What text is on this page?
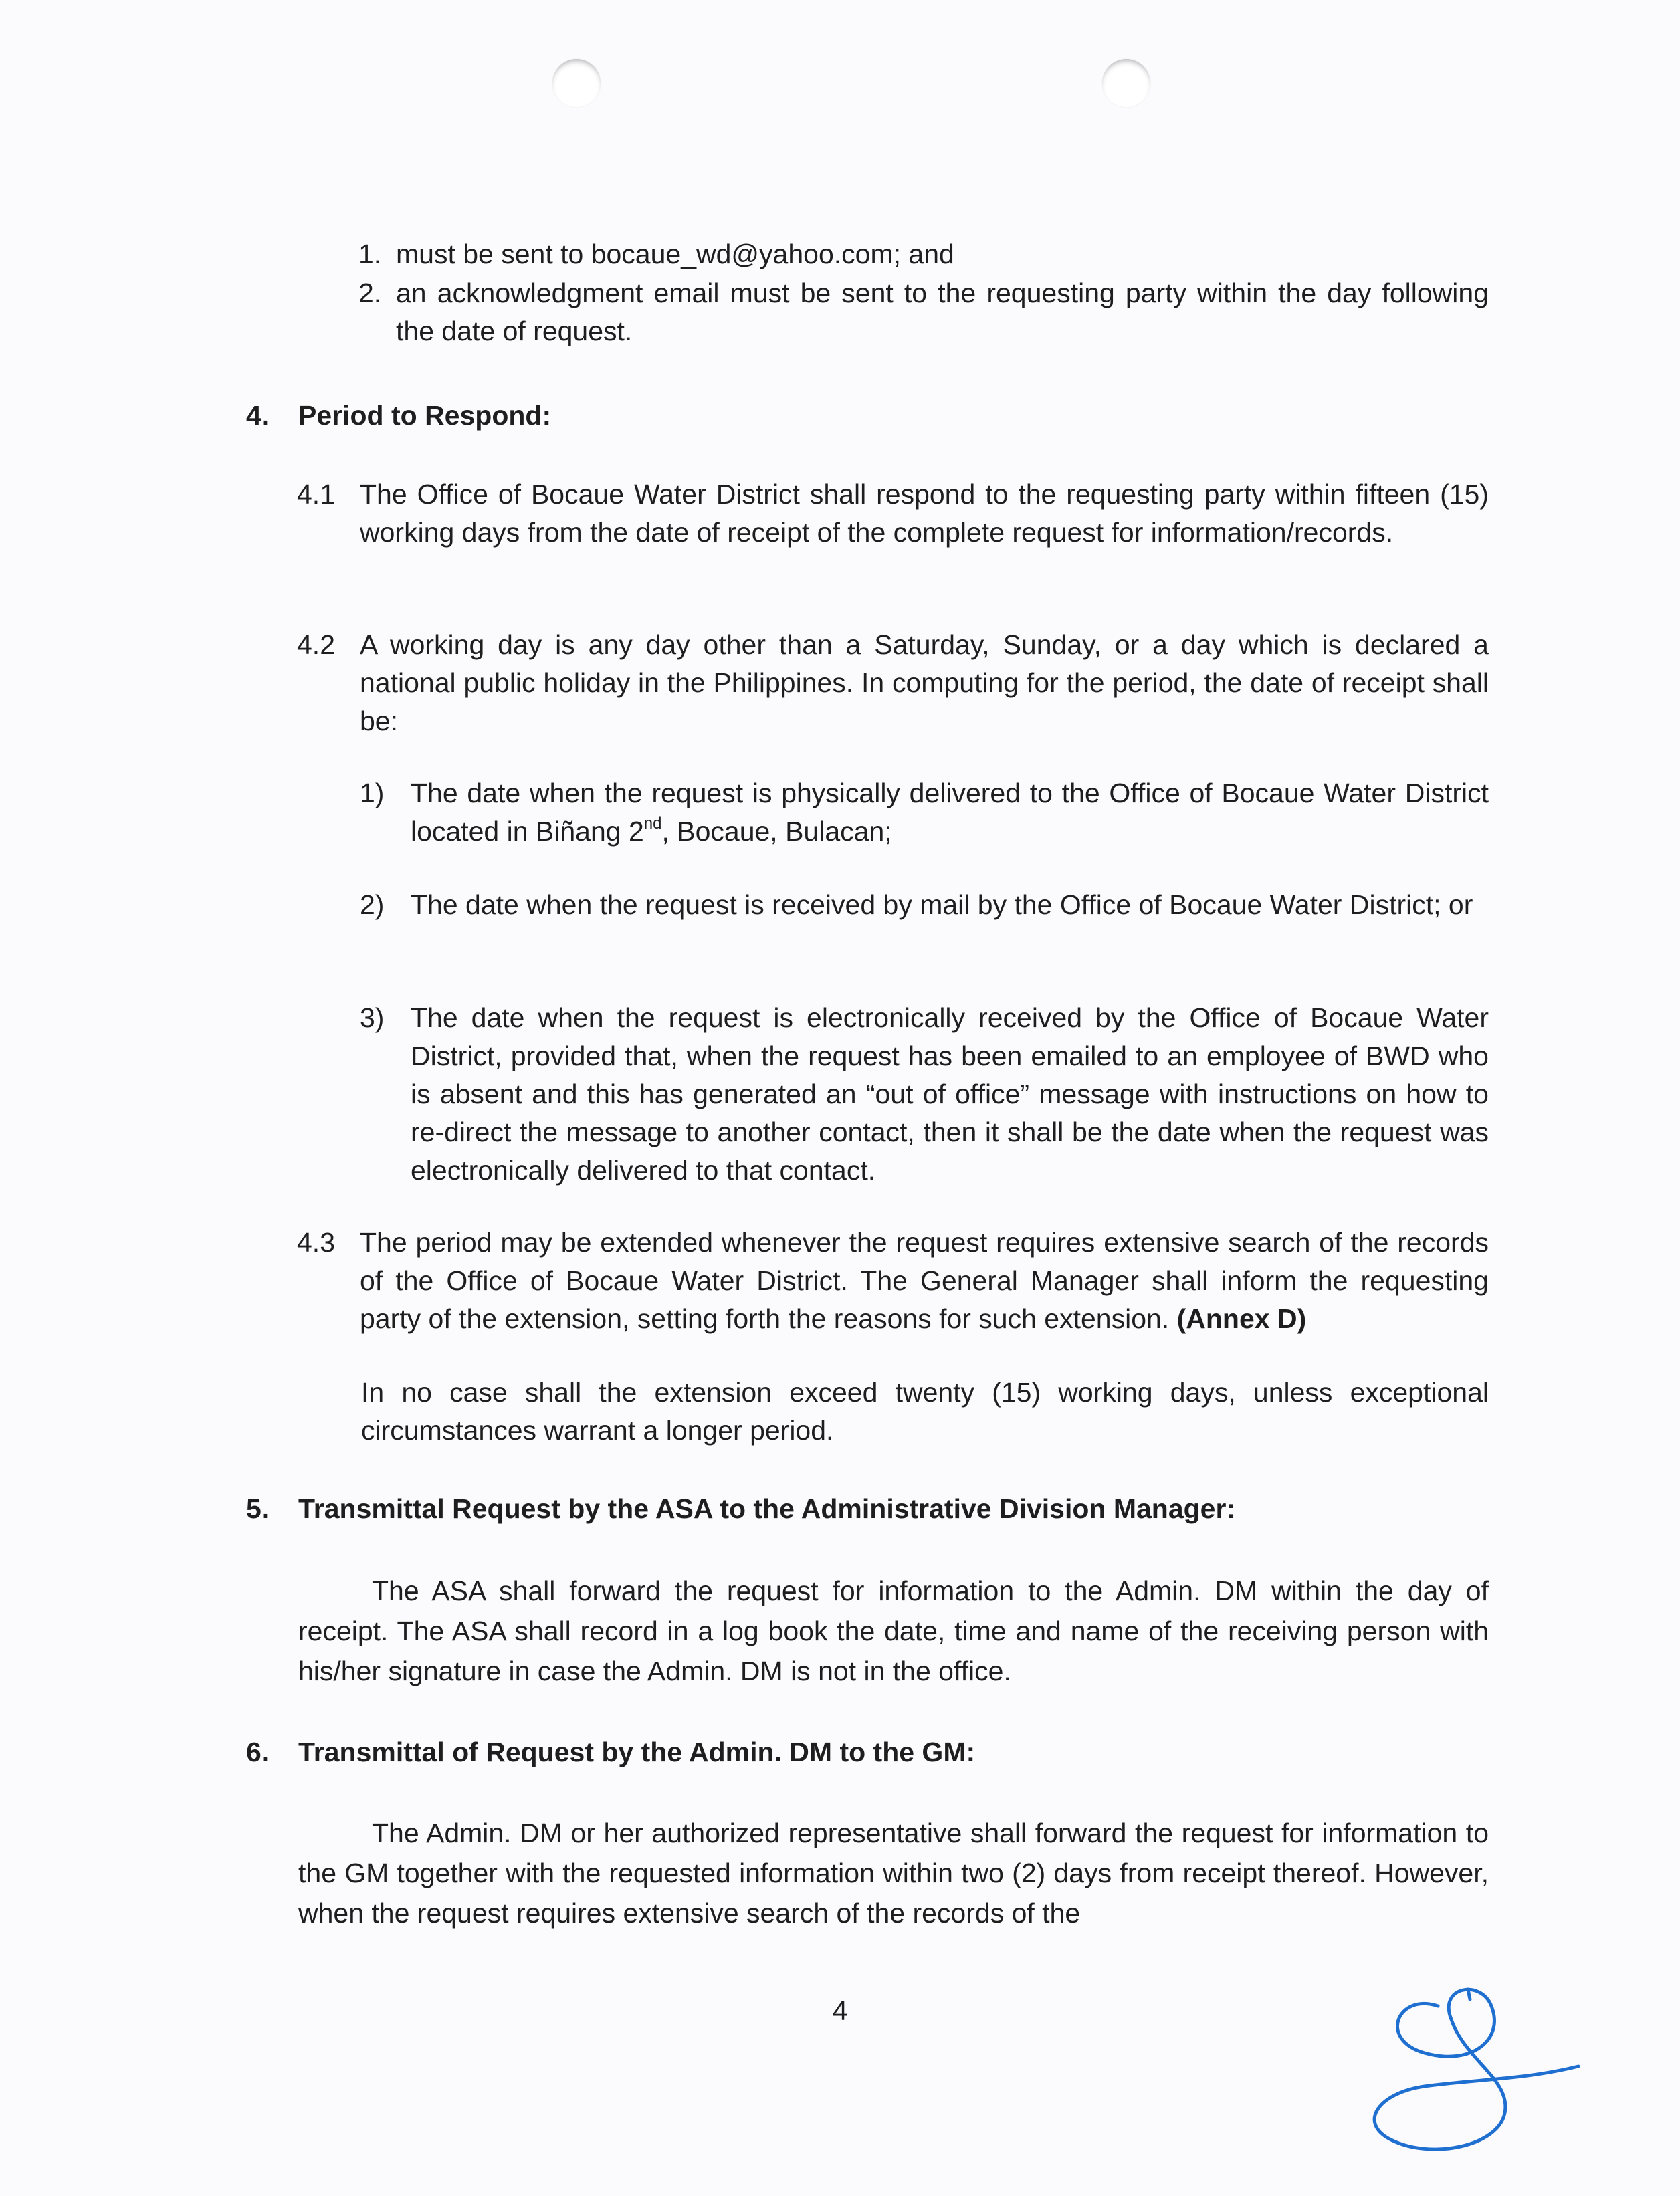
1. must be sent to bocaue_wd@yahoo.com; and
2. an acknowledgment email must be sent to the requesting party within the day following the date of request.
4.	Period to Respond:
4.1 The Office of Bocaue Water District shall respond to the requesting party within fifteen (15) working days from the date of receipt of the complete request for information/records.
4.2 A working day is any day other than a Saturday, Sunday, or a day which is declared a national public holiday in the Philippines. In computing for the period, the date of receipt shall be:
1) The date when the request is physically delivered to the Office of Bocaue Water District located in Biñang 2nd, Bocaue, Bulacan;
2) The date when the request is received by mail by the Office of Bocaue Water District; or
3) The date when the request is electronically received by the Office of Bocaue Water District, provided that, when the request has been emailed to an employee of BWD who is absent and this has generated an “out of office” message with instructions on how to re-direct the message to another contact, then it shall be the date when the request was electronically delivered to that contact.
4.3 The period may be extended whenever the request requires extensive search of the records of the Office of Bocaue Water District. The General Manager shall inform the requesting party of the extension, setting forth the reasons for such extension. (Annex D)
In no case shall the extension exceed twenty (15) working days, unless exceptional circumstances warrant a longer period.
5.	Transmittal Request by the ASA to the Administrative Division Manager:
The ASA shall forward the request for information to the Admin. DM within the day of receipt. The ASA shall record in a log book the date, time and name of the receiving person with his/her signature in case the Admin. DM is not in the office.
6.	Transmittal of Request by the Admin. DM to the GM:
The Admin. DM or her authorized representative shall forward the request for information to the GM together with the requested information within two (2) days from receipt thereof. However, when the request requires extensive search of the records of the
4
